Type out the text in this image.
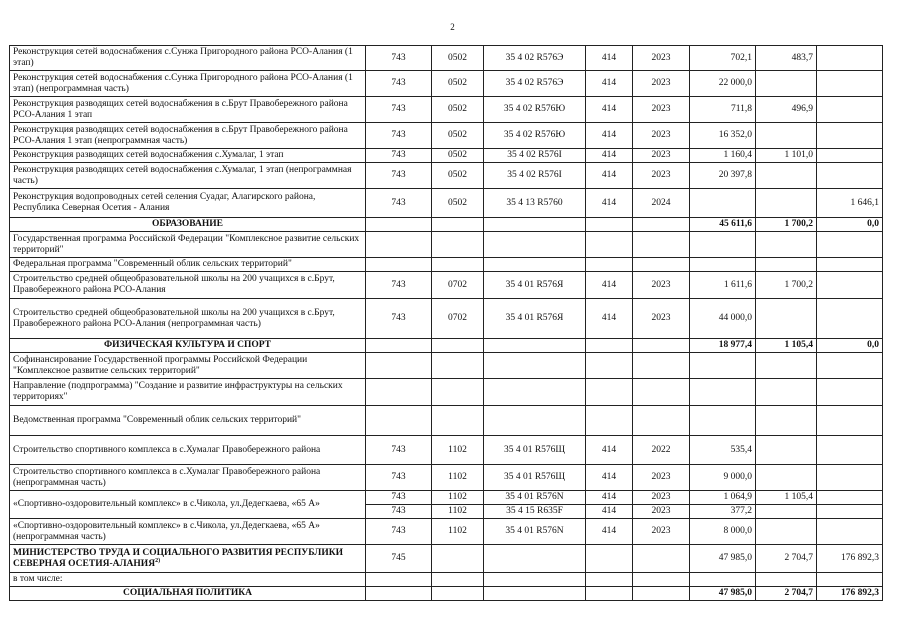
2
Реконструкция сетей водоснабжения с.Сунжа Пригородного района РСО-Алания (1 этап)	743	0502	35 4 02 R576Э	414	2023	702,1	483,7	
Реконструкция сетей водоснабжения с.Сунжа Пригородного района РСО-Алания (1 этап) (непрограммная часть)	743	0502	35 4 02 R576Э	414	2023	22 000,0		
Реконструкция разводящих сетей водоснабжения в с.Брут Правобережного района РСО-Алания 1 этап	743	0502	35 4 02 R576Ю	414	2023	711,8	496,9	
Реконструкция разводящих сетей водоснабжения в с.Брут Правобережного района РСО-Алания 1 этап (непрограммная часть)	743	0502	35 4 02 R576Ю	414	2023	16 352,0		
Реконструкция разводящих сетей водоснабжения с.Хумалаг, 1 этап	743	0502	35 4 02 R576I	414	2023	1 160,4	1 101,0	
Реконструкция разводящих сетей водоснабжения с.Хумалаг, 1 этап (непрограммная часть)	743	0502	35 4 02 R576I	414	2023	20 397,8		
Реконструкция водопроводных сетей селения Суадаг, Алагирского района, Республика Северная Осетия - Алания	743	0502	35 4 13 R5760	414	2024			1 646,1
ОБРАЗОВАНИЕ						45 611,6	1 700,2	0,0
Государственная программа Российской Федерации "Комплексное развитие сельских территорий"								
Федеральная программа "Современный облик сельских территорий"								
Строительство средней общеобразовательной школы на 200 учащихся в с.Брут, Правобережного района РСО-Алания	743	0702	35 4 01 R576Я	414	2023	1 611,6	1 700,2	
Строительство средней общеобразовательной школы на 200 учащихся в с.Брут, Правобережного района РСО-Алания (непрограммная часть)	743	0702	35 4 01 R576Я	414	2023	44 000,0		
ФИЗИЧЕСКАЯ КУЛЬТУРА И СПОРТ						18 977,4	1 105,4	0,0
Софинансирование Государственной программы Российской Федерации "Комплексное развитие сельских территорий"								
Направление (подпрограмма) "Создание и развитие инфраструктуры на сельских территориях"								
Ведомственная программа "Современный облик сельских территорий"								
Строительство спортивного комплекса в с.Хумалаг Правобережного района	743	1102	35 4 01 R576Щ	414	2022	535,4		
Строительство спортивного комплекса в с.Хумалаг Правобережного района (непрограммная часть)	743	1102	35 4 01 R576Щ	414	2023	9 000,0		
«Спортивно-оздоровительный комплекс» в с.Чикола, ул.Дедегкаева, «65 А»	743	1102	35 4 01 R576N	414	2023	1 064,9	1 105,4	
	743	1102	35 4 15 R635F	414	2023	377,2		
«Спортивно-оздоровительный комплекс» в с.Чикола, ул.Дедегкаева, «65 А» (непрограммная часть)	743	1102	35 4 01 R576N	414	2023	8 000,0		
МИНИСТЕРСТВО ТРУДА И СОЦИАЛЬНОГО РАЗВИТИЯ РЕСПУБЛИКИ СЕВЕРНАЯ ОСЕТИЯ-АЛАНИЯ$^{2)}$	745					47 985,0	2 704,7	176 892,3
в том числе:								
СОЦИАЛЬНАЯ ПОЛИТИКА						47 985,0	2 704,7	176 892,3
